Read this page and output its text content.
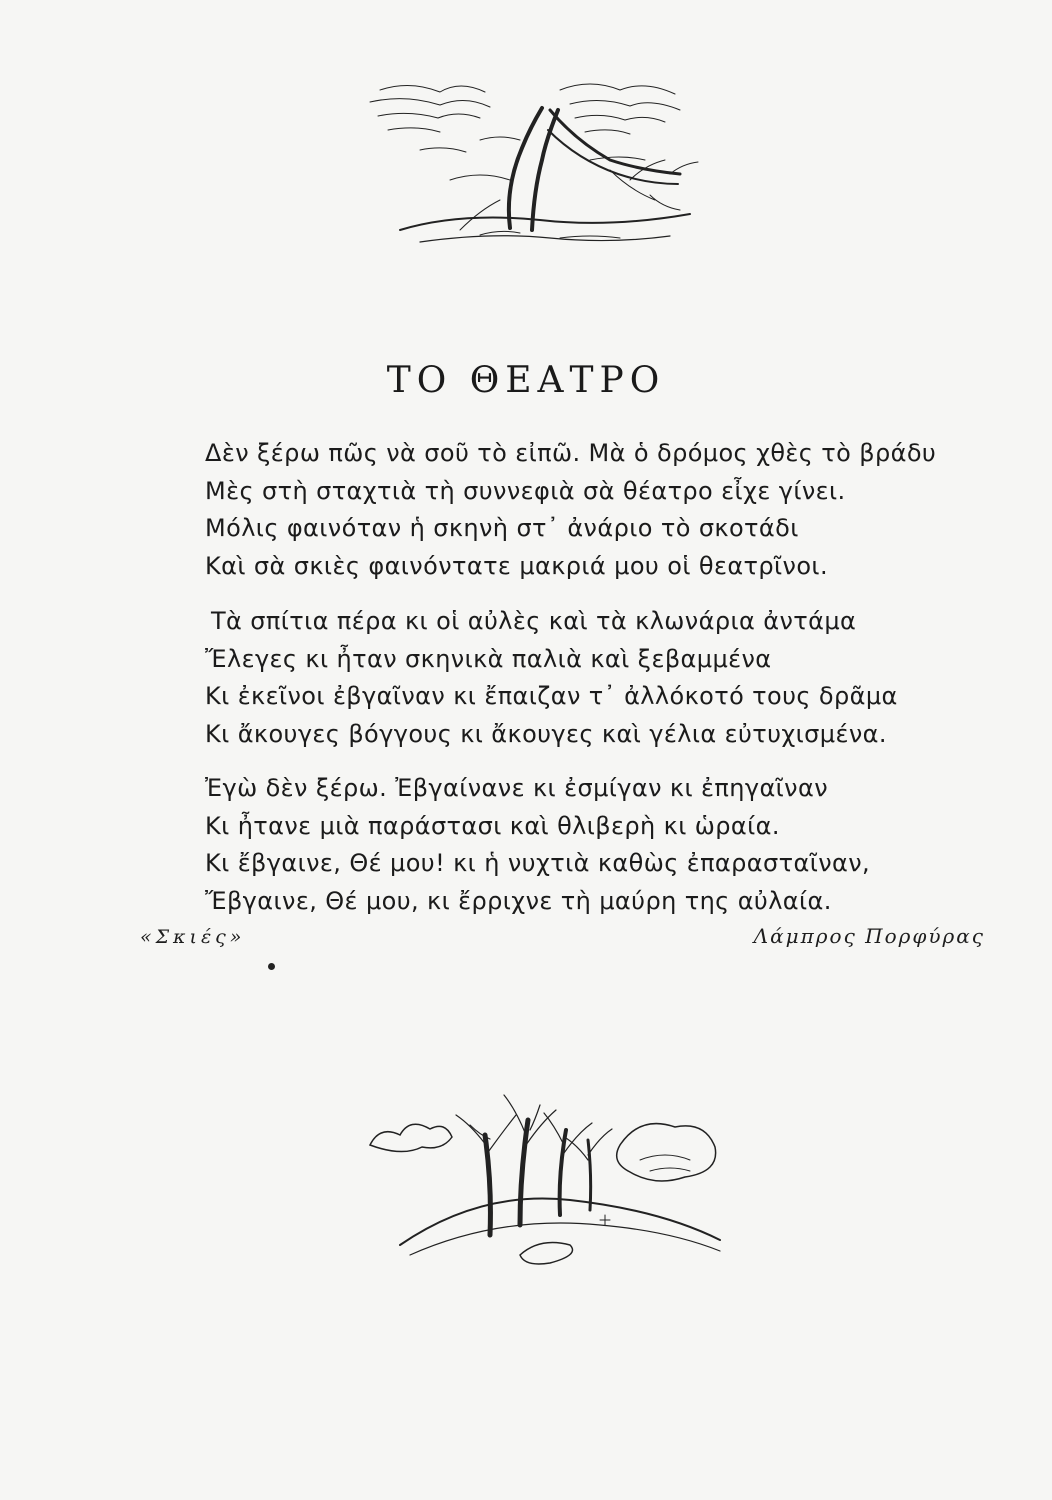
ΤΟ ΘΕΑΤΡΟ
Δὲν ξέρω πῶς νὰ σοῦ τὸ εἰπῶ. Μὰ ὁ δρόμος χθὲς τὸ βράδυ
Μὲς στὴ σταχτιὰ τὴ συννεφιὰ σὰ θέατρο εἶχε γίνει.
Μόλις φαινόταν ἡ σκηνὴ στ᾽ ἀνάριο τὸ σκοτάδι
Καὶ σὰ σκιὲς φαινόντατε μακριά μου οἱ θεατρῖνοι.
Τὰ σπίτια πέρα κι οἱ αὐλὲς καὶ τὰ κλωνάρια ἀντάμα
Ἔλεγες κι ἦταν σκηνικὰ παλιὰ καὶ ξεβαμμένα
Κι ἐκεῖνοι ἐβγαῖναν κι ἔπαιζαν τ᾽ ἀλλόκοτό τους δρᾶμα
Κι ἄκουγες βόγγους κι ἄκουγες καὶ γέλια εὐτυχισμένα.
Ἐγὼ δὲν ξέρω. Ἐβγαίνανε κι ἐσμίγαν κι ἐπηγαῖναν
Κι ἦτανε μιὰ παράστασι καὶ θλιβερὴ κι ὡραία.
Κι ἔβγαινε, Θέ μου! κι ἡ νυχτιὰ καθὼς ἐπαρασταῖναν,
Ἔβγαινε, Θέ μου, κι ἔρριχνε τὴ μαύρη της αὐλαία.
«Σκιές»	Λάμπρος Πορφύρας
